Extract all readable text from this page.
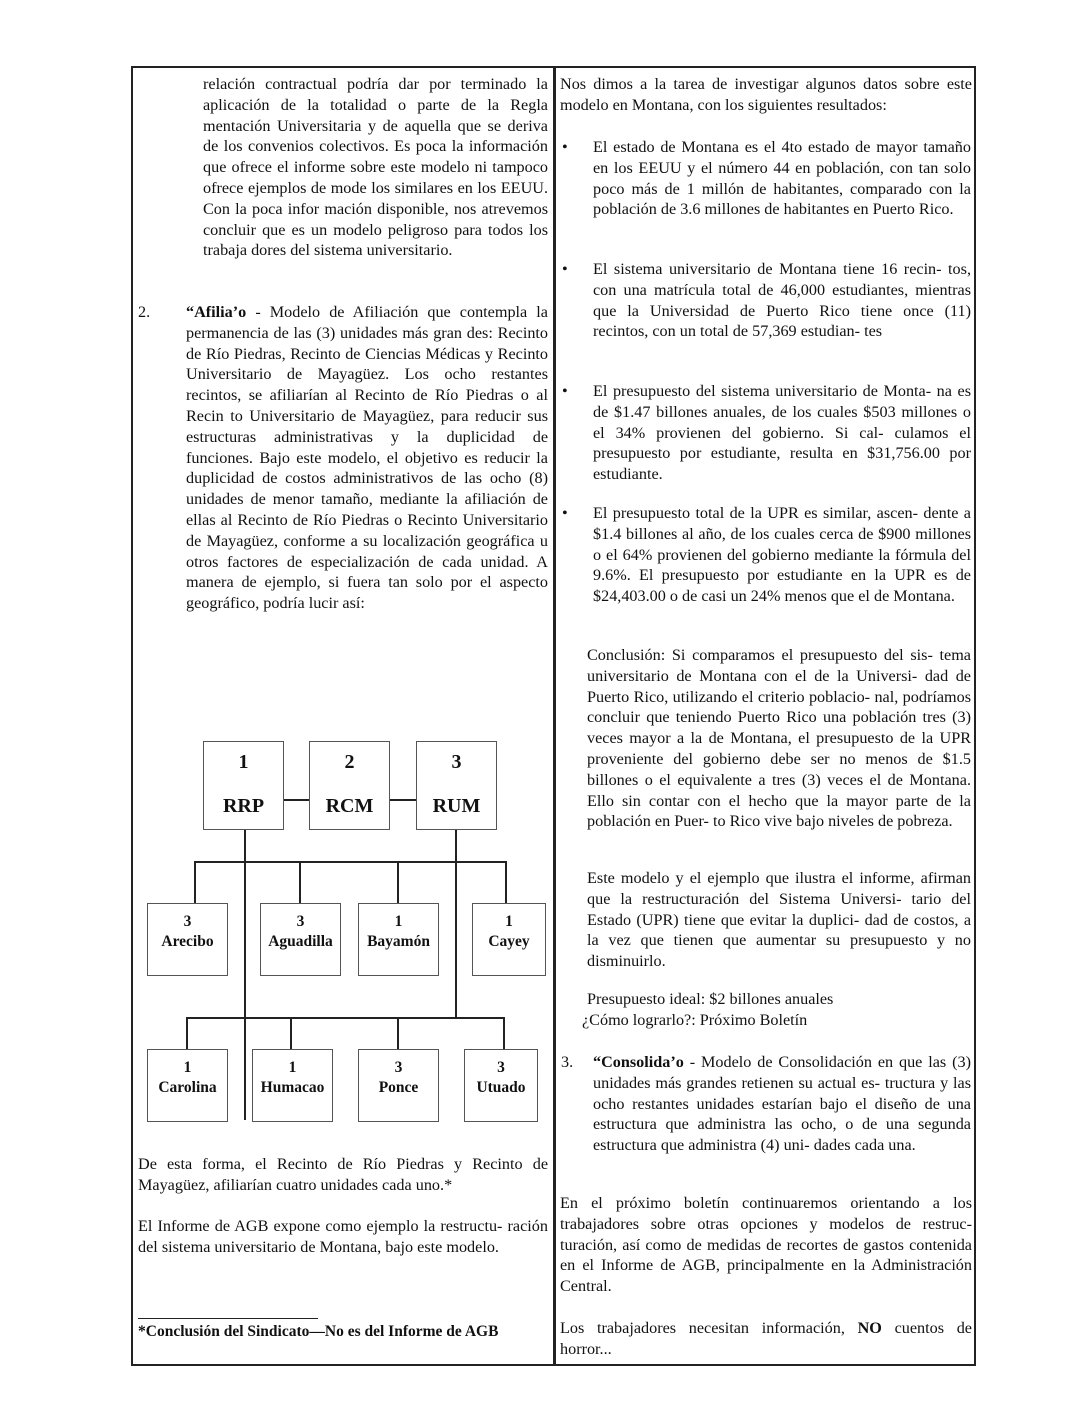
relación contractual podría dar por terminado la aplicación de la totalidad o parte de la Regla mentación Universitaria y de aquella que se deriva de los convenios colectivos. Es poca la información que ofrece el informe sobre este modelo ni tampoco ofrece ejemplos de mode los similares en los EEUU. Con la poca infor mación disponible, nos atrevemos concluir que es un modelo peligroso para todos los trabaja dores del sistema universitario.

2. “Afilia’o - Modelo de Afiliación que contempla la permanencia de las (3) unidades más gran des: Recinto de Río Piedras, Recinto de Ciencias Médicas y Recinto Universitario de Mayagüez. Los ocho restantes recintos, se afiliarían al Recinto de Río Piedras o al Recin to Universitario de Mayagüez, para reducir sus estructuras administrativas y la duplicidad de funciones. Bajo este modelo, el objetivo es reducir la duplicidad de costos administrativos de las ocho (8) unidades de menor tamaño, mediante la afiliación de ellas al Recinto de Río Piedras o Recinto Universitario de Mayagüez, conforme a su localización geográfica u otros factores de especialización de cada unidad. A manera de ejemplo, si fuera tan solo por el aspecto geográfico, podría lucir así:

1
RRP
2
RCM
3
RUM
3
Arecibo
3
Aguadilla
1
Bayamón
1
Cayey
1
Carolina
1
Humacao
3
Ponce
3
Utuado

De esta forma, el Recinto de Río Piedras y Recinto de Mayagüez, afiliarían cuatro unidades cada uno.*

El Informe de AGB expone como ejemplo la restructu- ración del sistema universitario de Montana, bajo este modelo.

*Conclusión del Sindicato—No es del Informe de AGB

Nos dimos a la tarea de investigar algunos datos sobre este modelo en Montana, con los siguientes resultados:

• El estado de Montana es el 4to estado de mayor tamaño en los EEUU y el número 44 en población, con tan solo poco más de 1 millón de habitantes, comparado con la población de 3.6 millones de habitantes en Puerto Rico.

• El sistema universitario de Montana tiene 16 recin- tos, con una matrícula total de 46,000 estudiantes, mientras que la Universidad de Puerto Rico tiene once (11) recintos, con un total de 57,369 estudian- tes

• El presupuesto del sistema universitario de Monta- na es de $1.47 billones anuales, de los cuales $503 millones o el 34% provienen del gobierno. Si cal- culamos el presupuesto por estudiante, resulta en $31,756.00 por estudiante.

• El presupuesto total de la UPR es similar, ascen- dente a $1.4 billones al año, de los cuales cerca de $900 millones o el 64% provienen del gobierno mediante la fórmula del 9.6%. El presupuesto por estudiante en la UPR es de $24,403.00 o de casi un 24% menos que el de Montana.

Conclusión: Si comparamos el presupuesto del sis- tema universitario de Montana con el de la Universi- dad de Puerto Rico, utilizando el criterio poblacio- nal, podríamos concluir que teniendo Puerto Rico una población tres (3) veces mayor a la de Montana, el presupuesto de la UPR proveniente del gobierno debe ser no menos de $1.5 billones o el equivalente a tres (3) veces el de Montana. Ello sin contar con el hecho que la mayor parte de la población en Puer- to Rico vive bajo niveles de pobreza.

Este modelo y el ejemplo que ilustra el informe, afirman que la restructuración del Sistema Universi- tario del Estado (UPR) tiene que evitar la duplici- dad de costos, a la vez que tienen que aumentar su presupuesto y no disminuirlo.

Presupuesto ideal: $2 billones anuales
¿Cómo lograrlo?: Próximo Boletín
3. “Consolida’o - Modelo de Consolidación en que las (3) unidades más grandes retienen su actual es- tructura y las ocho restantes unidades estarían bajo el diseño de una estructura que administra las ocho, o de una segunda estructura que administra (4) uni- dades cada una.

En el próximo boletín continuaremos orientando a los trabajadores sobre otras opciones y modelos de restruc- turación, así como de medidas de recortes de gastos contenida en el Informe de AGB, principalmente en la Administración Central.

Los trabajadores necesitan información, NO cuentos de horror...
